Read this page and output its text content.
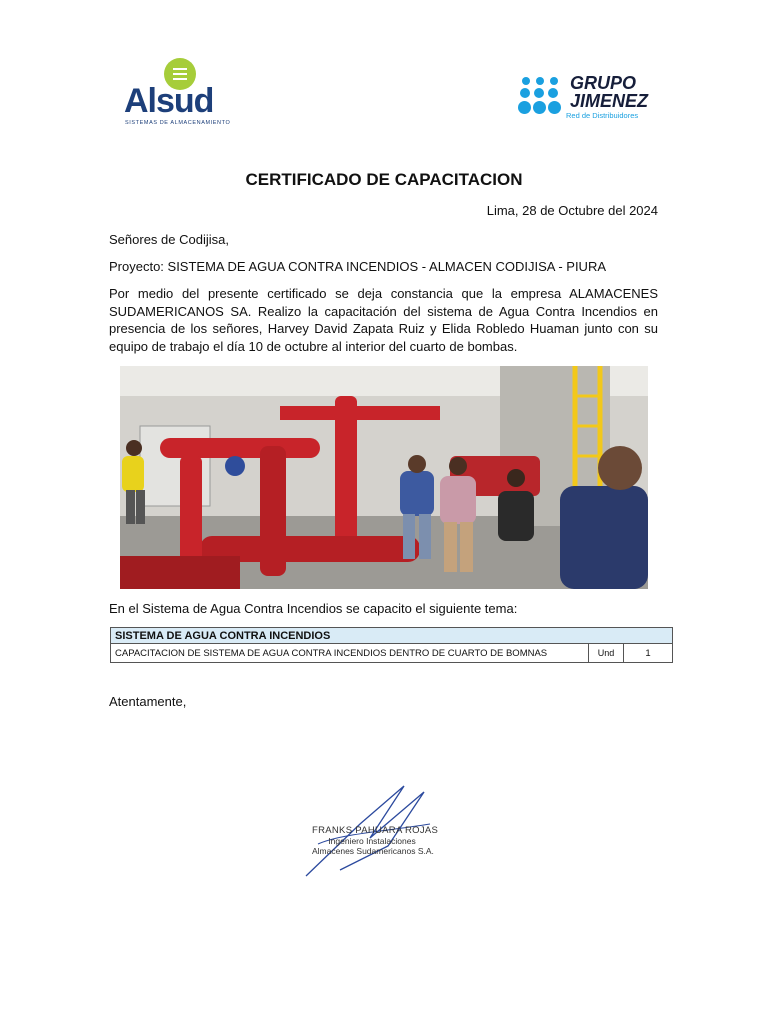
Alsud
SISTEMAS DE ALMACENAMIENTO
GRUPO
JIMENEZ
Red de Distribuidores
CERTIFICADO DE CAPACITACION
Lima, 28 de Octubre del 2024
Señores de Codijisa,
Proyecto: SISTEMA DE AGUA CONTRA INCENDIOS - ALMACEN CODIJISA - PIURA
Por medio del presente certificado se deja constancia que la empresa ALAMACENES SUDAMERICANOS SA. Realizo la capacitación del sistema de Agua Contra Incendios en presencia de los señores, Harvey David Zapata Ruiz y Elida Robledo Huaman junto con su equipo de trabajo el día 10 de octubre al interior del cuarto de bombas.
En el Sistema de Agua Contra Incendios se capacito el siguiente tema:
SISTEMA DE AGUA CONTRA INCENDIOS
CAPACITACION DE SISTEMA DE AGUA CONTRA INCENDIOS DENTRO DE CUARTO DE BOMNAS	Und	1
Atentamente,
FRANKS PAHUARA ROJAS
Ingeniero Instalaciones
Almacenes Sudamericanos S.A.
